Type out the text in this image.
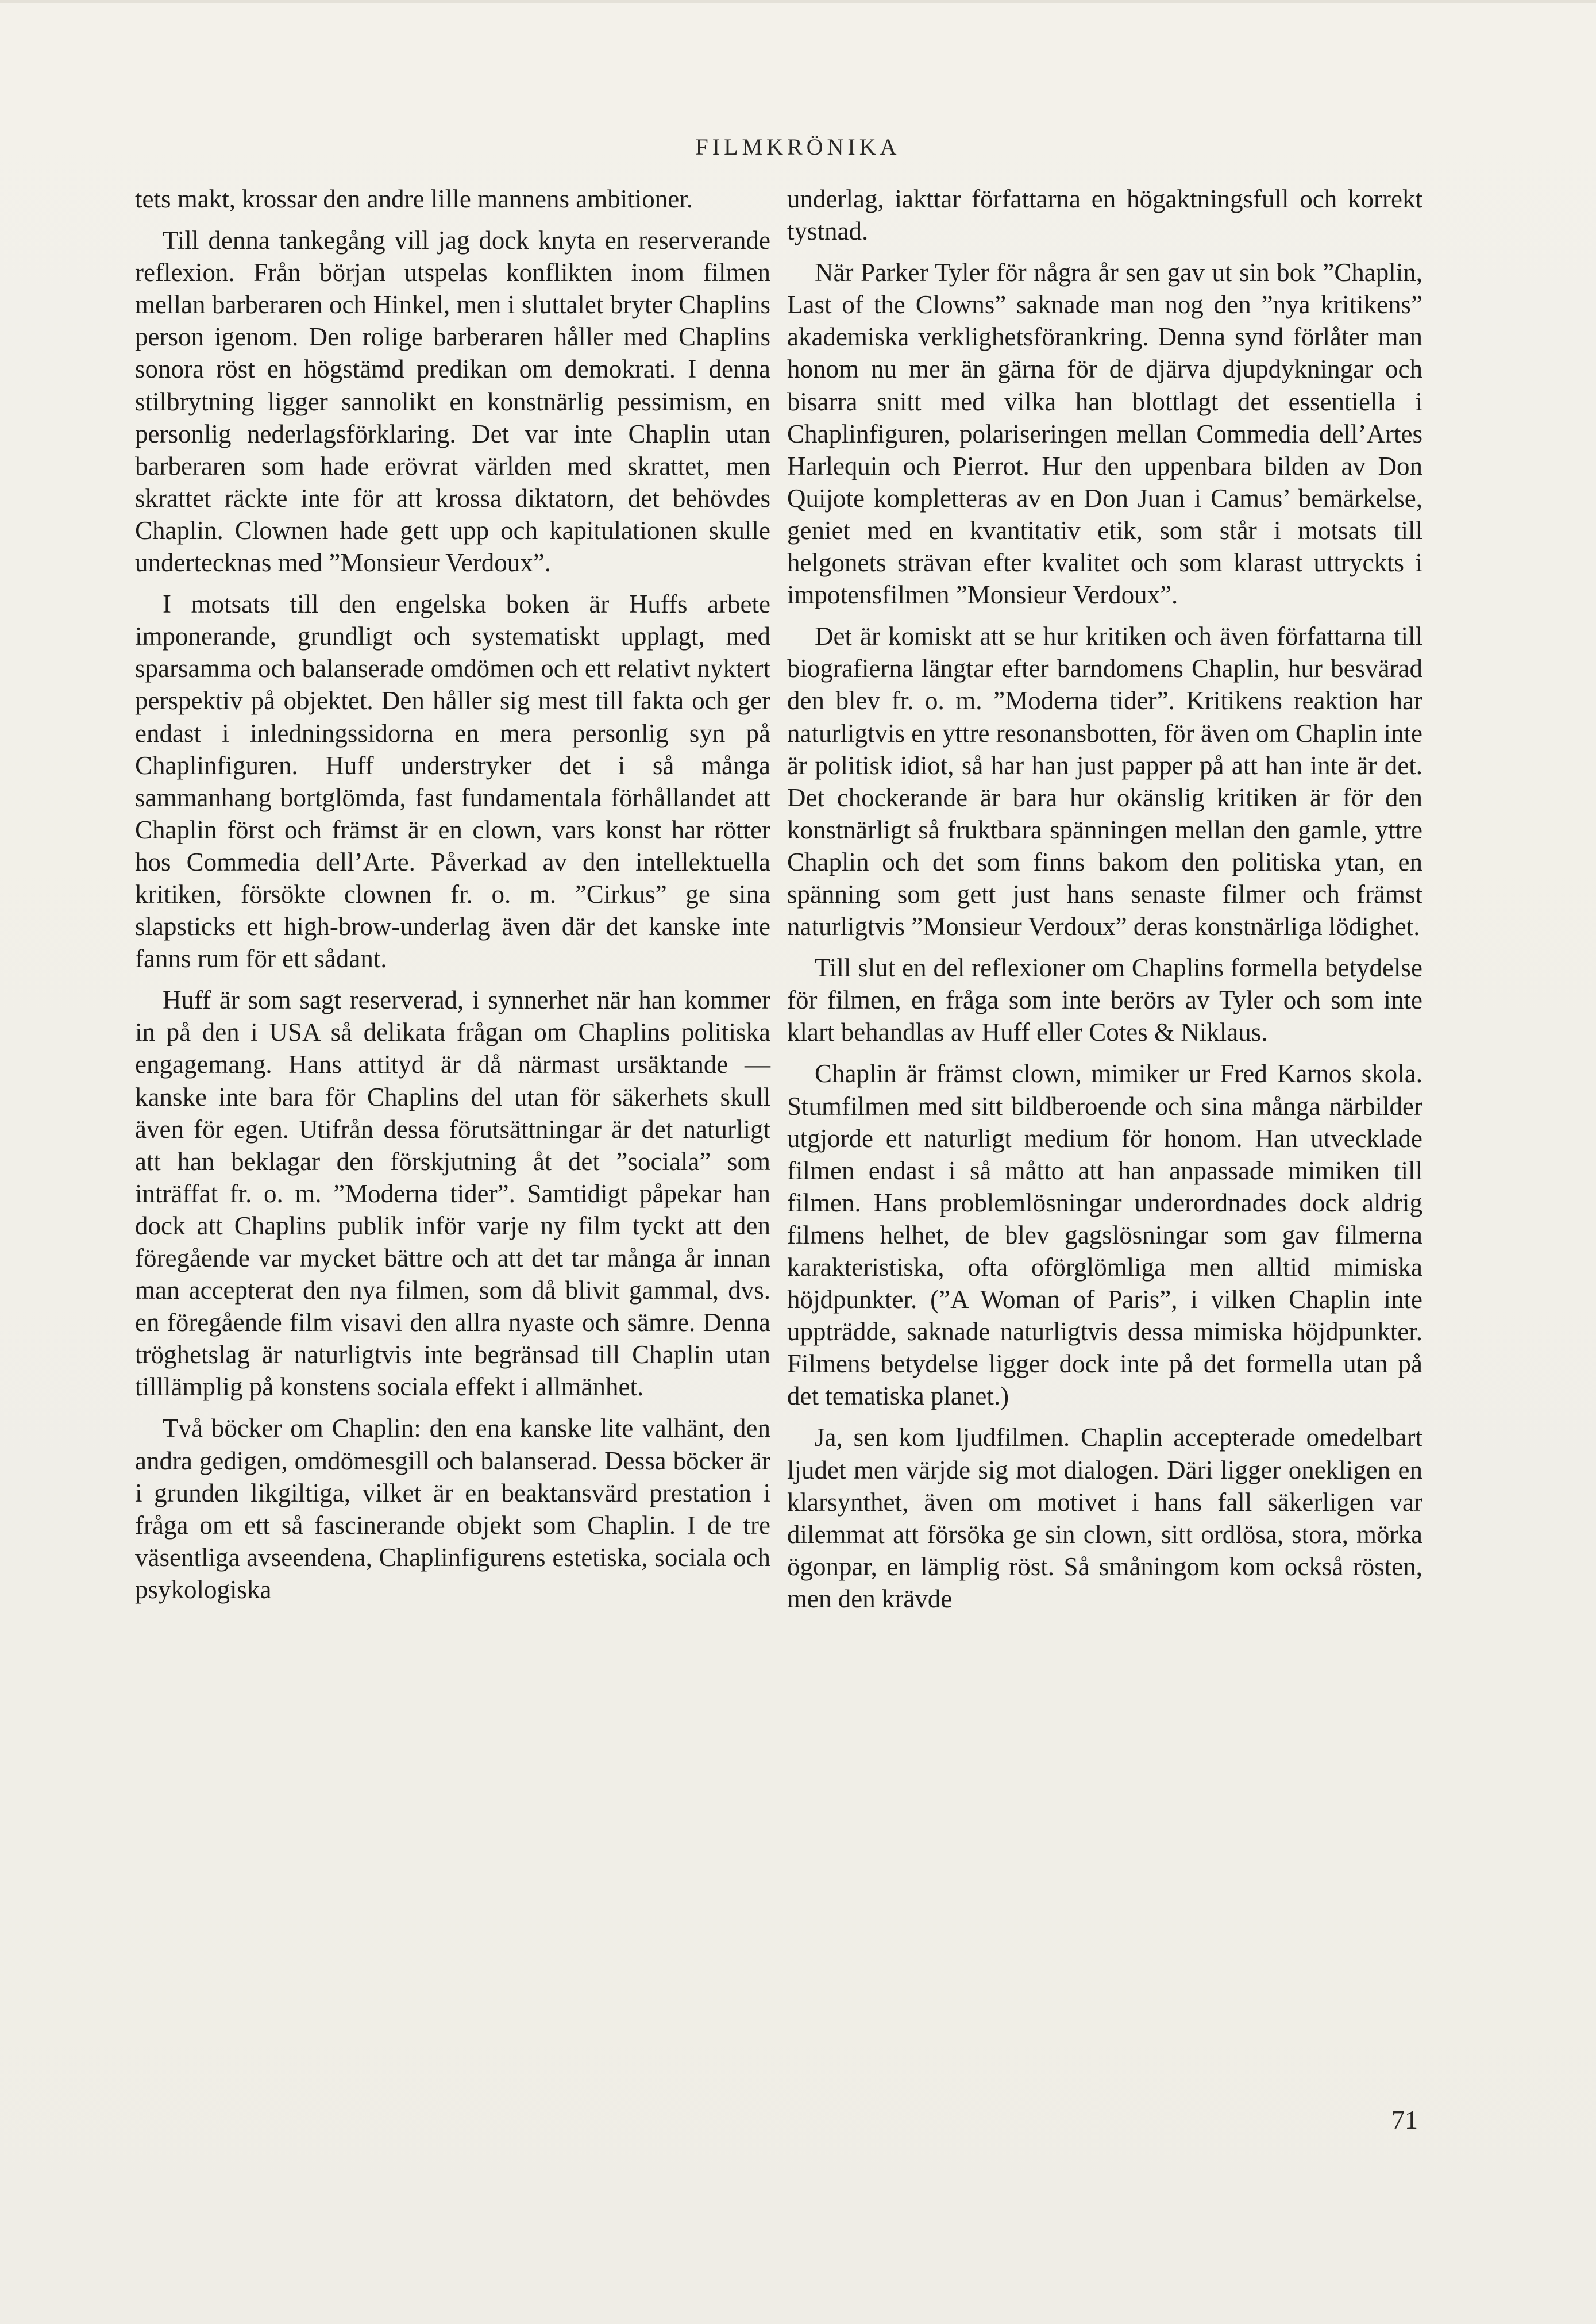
FILMKRÖNIKA

tets makt, krossar den andre lille mannens ambitioner.

Till denna tankegång vill jag dock knyta en reserverande reflexion. Från början utspelas konflikten inom filmen mellan barberaren och Hinkel, men i sluttalet bryter Chaplins person igenom. Den rolige barberaren håller med Chaplins sonora röst en högstämd predikan om demokrati. I denna stilbrytning ligger sannolikt en konstnärlig pessimism, en personlig nederlagsförklaring. Det var inte Chaplin utan barberaren som hade erövrat världen med skrattet, men skrattet räckte inte för att krossa diktatorn, det behövdes Chaplin. Clownen hade gett upp och kapitulationen skulle undertecknas med ”Monsieur Verdoux”.

I motsats till den engelska boken är Huffs arbete imponerande, grundligt och systematiskt upplagt, med sparsamma och balanserade omdömen och ett relativt nyktert perspektiv på objektet. Den håller sig mest till fakta och ger endast i inledningssidorna en mera personlig syn på Chaplinfiguren. Huff understryker det i så många sammanhang bortglömda, fast fundamentala förhållandet att Chaplin först och främst är en clown, vars konst har rötter hos Commedia dell’Arte. Påverkad av den intellektuella kritiken, försökte clownen fr. o. m. ”Cirkus” ge sina slapsticks ett high-brow-underlag även där det kanske inte fanns rum för ett sådant.

Huff är som sagt reserverad, i synnerhet när han kommer in på den i USA så delikata frågan om Chaplins politiska engagemang. Hans attityd är då närmast ursäktande — kanske inte bara för Chaplins del utan för säkerhets skull även för egen. Utifrån dessa förutsättningar är det naturligt att han beklagar den förskjutning åt det ”sociala” som inträffat fr. o. m. ”Moderna tider”. Samtidigt påpekar han dock att Chaplins publik inför varje ny film tyckt att den föregående var mycket bättre och att det tar många år innan man accepterat den nya filmen, som då blivit gammal, dvs. en föregående film visavi den allra nyaste och sämre. Denna tröghetslag är naturligtvis inte begränsad till Chaplin utan tilllämplig på konstens sociala effekt i allmänhet.

Två böcker om Chaplin: den ena kanske lite valhänt, den andra gedigen, omdömesgill och balanserad. Dessa böcker är i grunden likgiltiga, vilket är en beaktansvärd prestation i fråga om ett så fascinerande objekt som Chaplin. I de tre väsentliga avseendena, Chaplinfigurens estetiska, sociala och psykologiska

underlag, iakttar författarna en högaktningsfull och korrekt tystnad.

När Parker Tyler för några år sen gav ut sin bok ”Chaplin, Last of the Clowns” saknade man nog den ”nya kritikens” akademiska verklighetsförankring. Denna synd förlåter man honom nu mer än gärna för de djärva djupdykningar och bisarra snitt med vilka han blottlagt det essentiella i Chaplinfiguren, polariseringen mellan Commedia dell’Artes Harlequin och Pierrot. Hur den uppenbara bilden av Don Quijote kompletteras av en Don Juan i Camus’ bemärkelse, geniet med en kvantitativ etik, som står i motsats till helgonets strävan efter kvalitet och som klarast uttryckts i impotensfilmen ”Monsieur Verdoux”.

Det är komiskt att se hur kritiken och även författarna till biografierna längtar efter barndomens Chaplin, hur besvärad den blev fr. o. m. ”Moderna tider”. Kritikens reaktion har naturligtvis en yttre resonansbotten, för även om Chaplin inte är politisk idiot, så har han just papper på att han inte är det. Det chockerande är bara hur okänslig kritiken är för den konstnärligt så fruktbara spänningen mellan den gamle, yttre Chaplin och det som finns bakom den politiska ytan, en spänning som gett just hans senaste filmer och främst naturligtvis ”Monsieur Verdoux” deras konstnärliga lödighet.

Till slut en del reflexioner om Chaplins formella betydelse för filmen, en fråga som inte berörs av Tyler och som inte klart behandlas av Huff eller Cotes & Niklaus.

Chaplin är främst clown, mimiker ur Fred Karnos skola. Stumfilmen med sitt bildberoende och sina många närbilder utgjorde ett naturligt medium för honom. Han utvecklade filmen endast i så måtto att han anpassade mimiken till filmen. Hans problemlösningar underordnades dock aldrig filmens helhet, de blev gagslösningar som gav filmerna karakteristiska, ofta oförglömliga men alltid mimiska höjdpunkter. (”A Woman of Paris”, i vilken Chaplin inte uppträdde, saknade naturligtvis dessa mimiska höjdpunkter. Filmens betydelse ligger dock inte på det formella utan på det tematiska planet.)

Ja, sen kom ljudfilmen. Chaplin accepterade omedelbart ljudet men värjde sig mot dialogen. Däri ligger onekligen en klarsynthet, även om motivet i hans fall säkerligen var dilemmat att försöka ge sin clown, sitt ordlösa, stora, mörka ögonpar, en lämplig röst. Så småningom kom också rösten, men den krävde

71
